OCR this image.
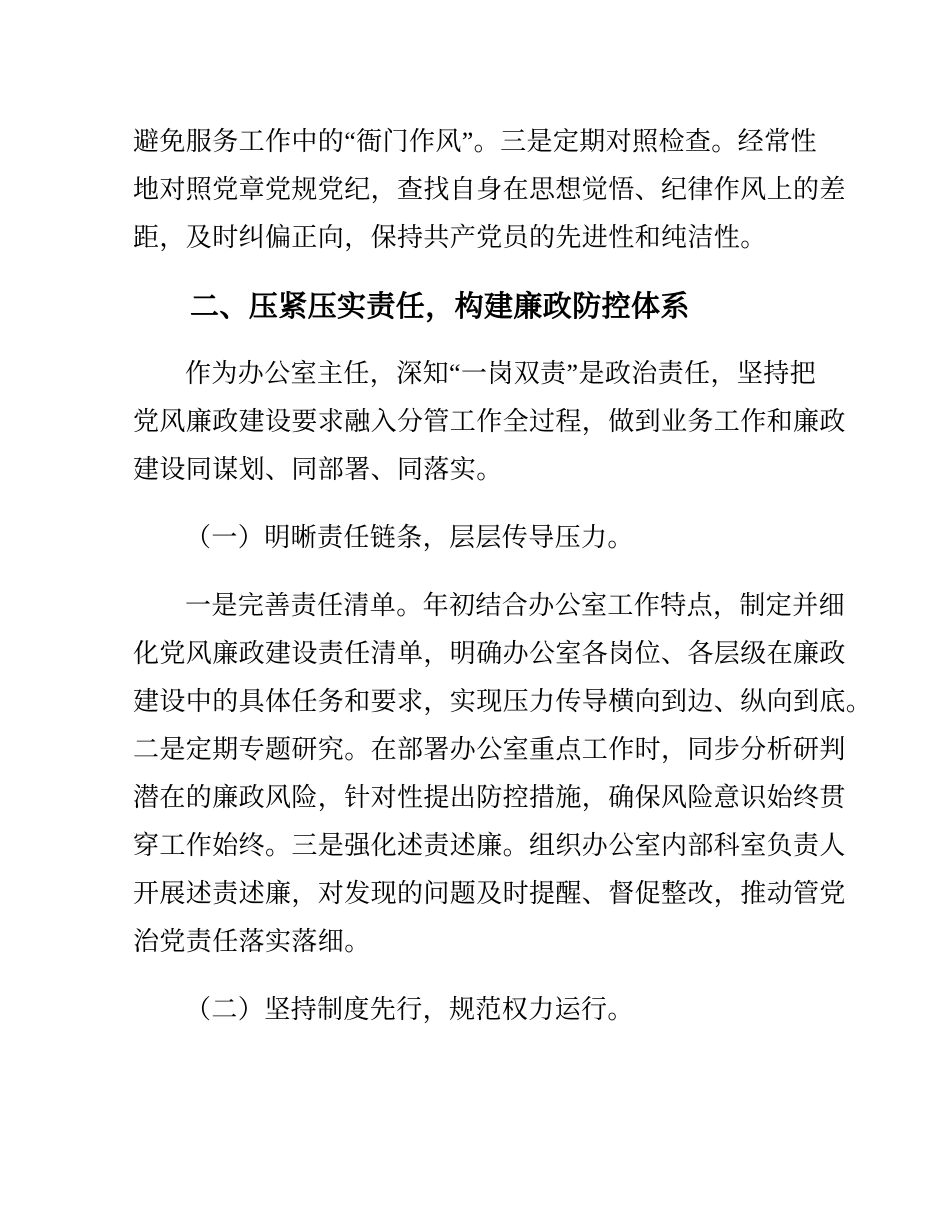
避免服务工作中的“衙门作风”。三是定期对照检查。经常性
地对照党章党规党纪，查找自身在思想觉悟、纪律作风上的差
距，及时纠偏正向，保持共产党员的先进性和纯洁性。
二、压紧压实责任，构建廉政防控体系
作为办公室主任，深知“一岗双责”是政治责任，坚持把
党风廉政建设要求融入分管工作全过程，做到业务工作和廉政
建设同谋划、同部署、同落实。
（一）明晰责任链条，层层传导压力。
一是完善责任清单。年初结合办公室工作特点，制定并细
化党风廉政建设责任清单，明确办公室各岗位、各层级在廉政
建设中的具体任务和要求，实现压力传导横向到边、纵向到底。
二是定期专题研究。在部署办公室重点工作时，同步分析研判
潜在的廉政风险，针对性提出防控措施，确保风险意识始终贯
穿工作始终。三是强化述责述廉。组织办公室内部科室负责人
开展述责述廉，对发现的问题及时提醒、督促整改，推动管党
治党责任落实落细。
（二）坚持制度先行，规范权力运行。
